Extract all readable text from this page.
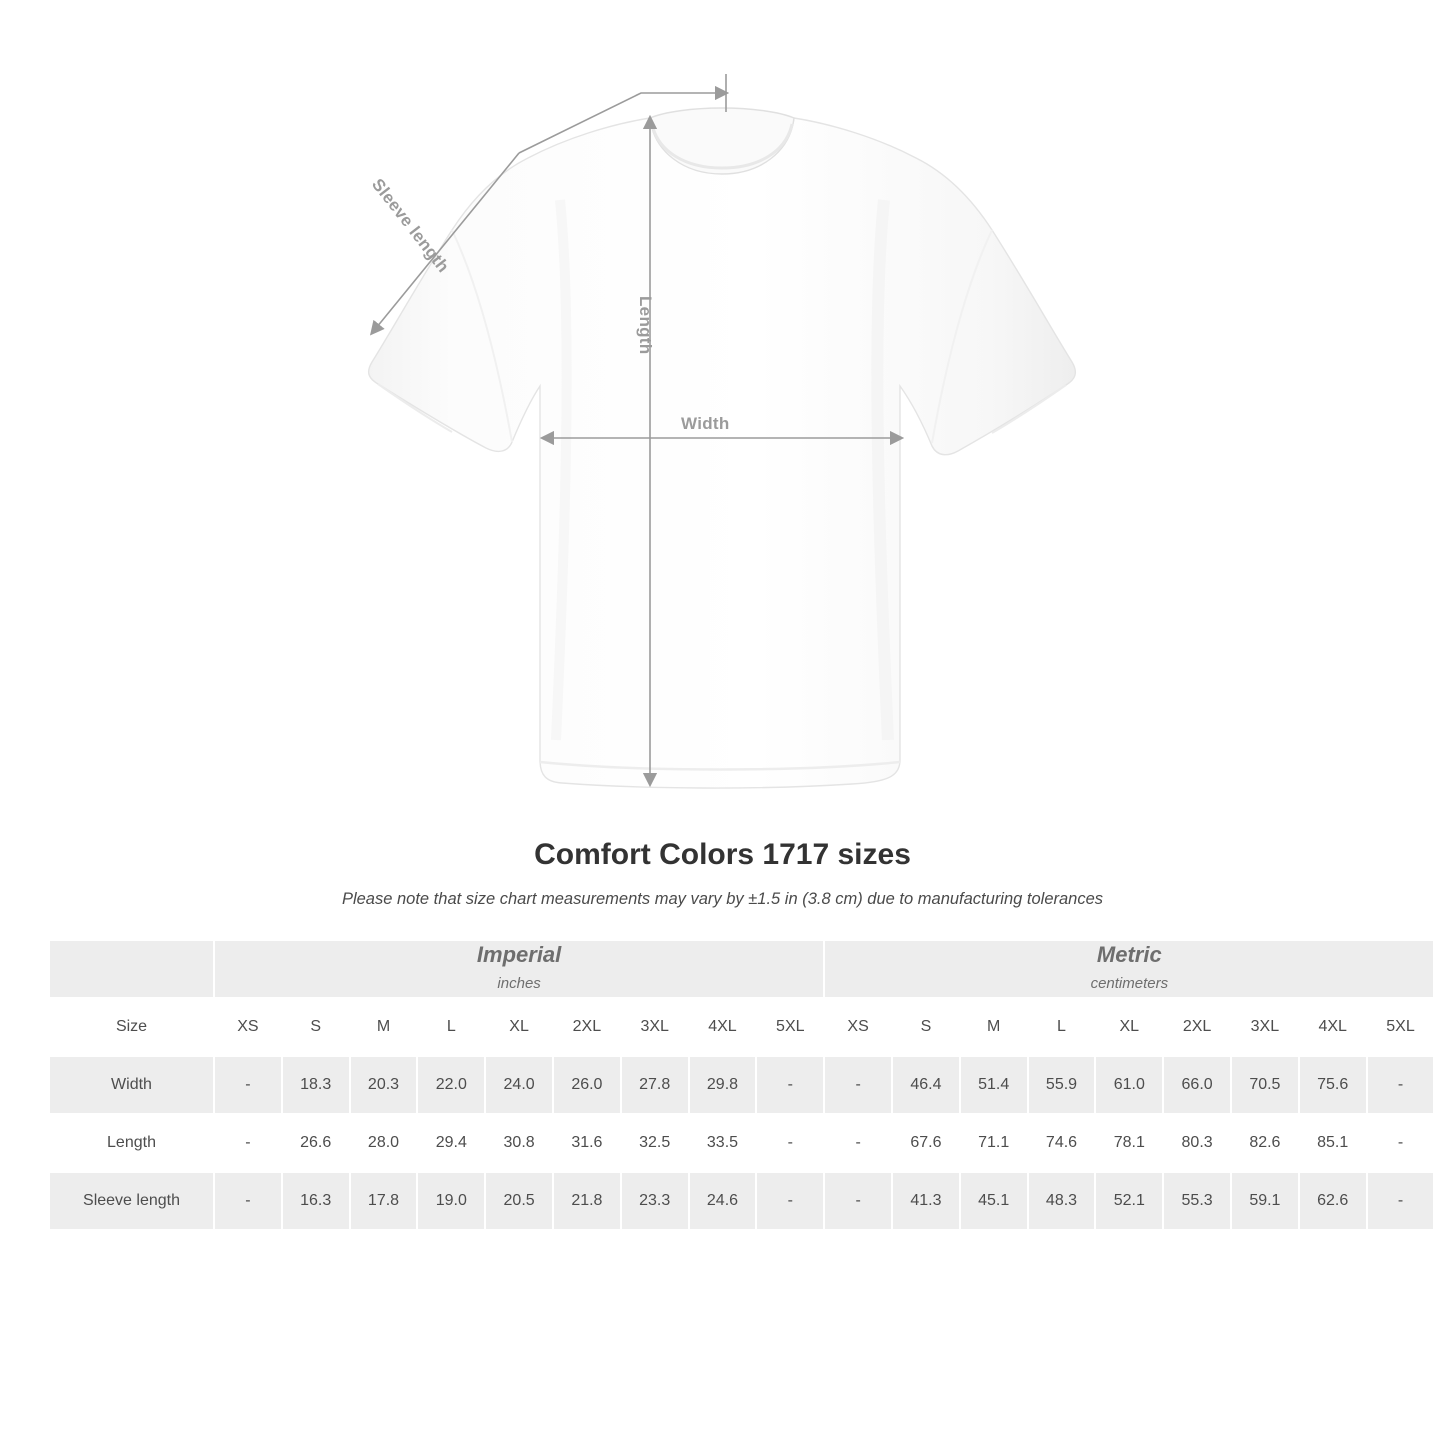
Width
Length
Sleeve length
Comfort Colors 1717 sizes
Please note that size chart measurements may vary by ±1.5 in (3.8 cm) due to manufacturing tolerances

Imperial
inches

Metric
centimeters

Size	XS	S	M	L	XL	2XL	3XL	4XL	5XL	XS	S	M	L	XL	2XL	3XL	4XL	5XL
Width	-	18.3	20.3	22.0	24.0	26.0	27.8	29.8	-	-	46.4	51.4	55.9	61.0	66.0	70.5	75.6	-
Length	-	26.6	28.0	29.4	30.8	31.6	32.5	33.5	-	-	67.6	71.1	74.6	78.1	80.3	82.6	85.1	-
Sleeve length	-	16.3	17.8	19.0	20.5	21.8	23.3	24.6	-	-	41.3	45.1	48.3	52.1	55.3	59.1	62.6	-
